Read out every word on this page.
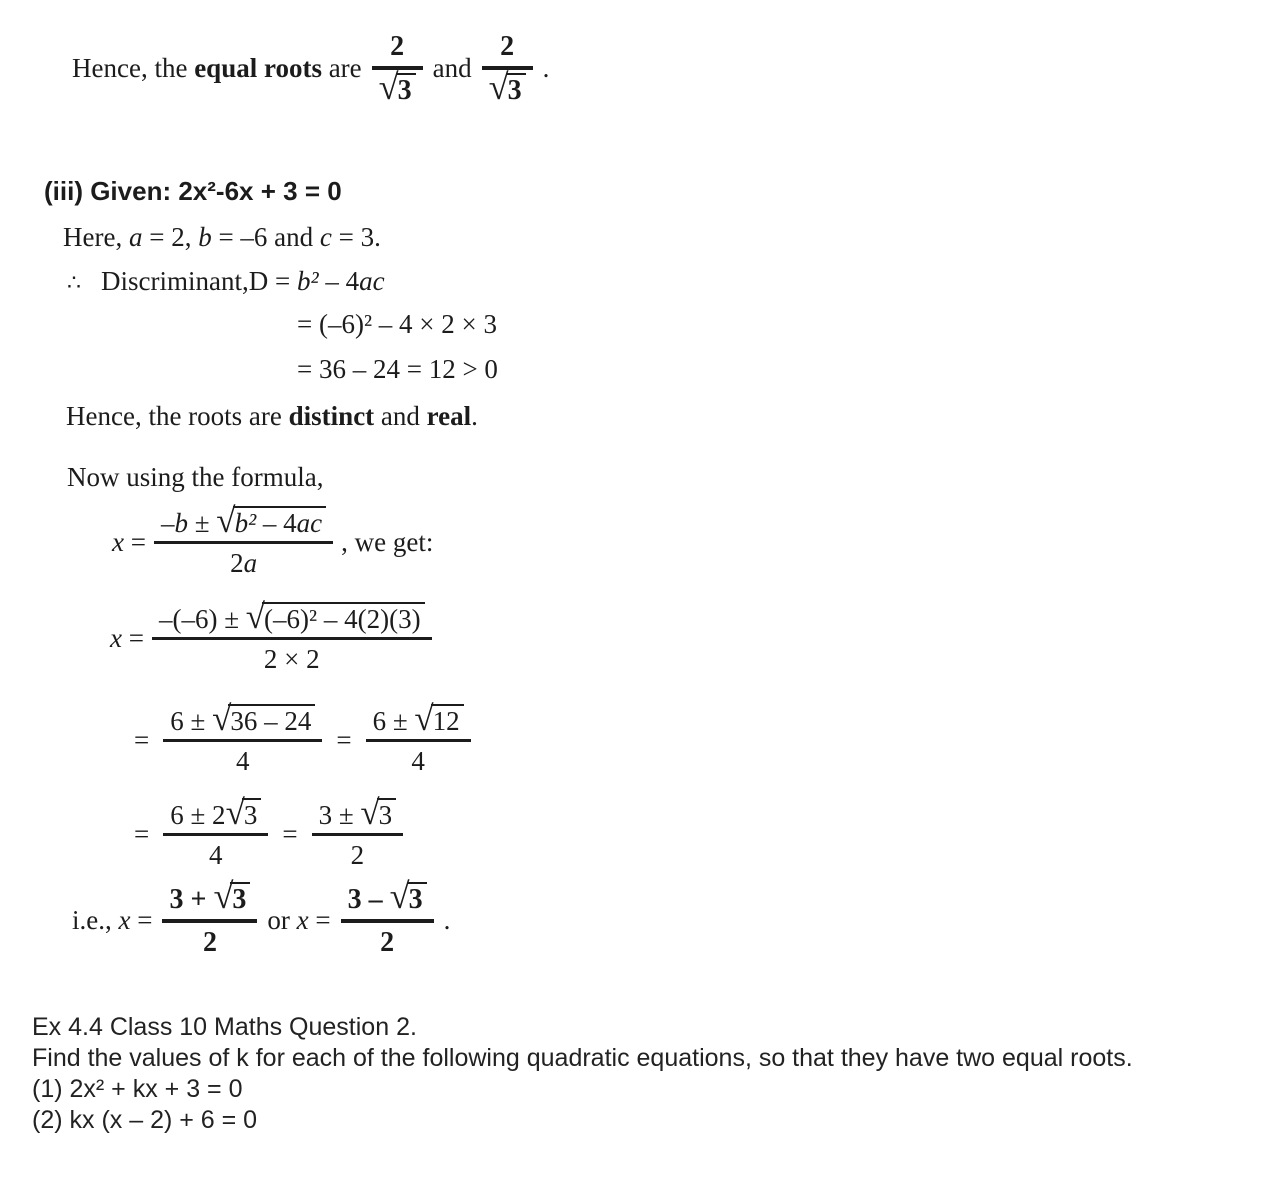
Hence, the equal roots are $\frac{2}{√3}$ and $\frac{2}{√3}$ .
(iii) Given: 2x²-6x + 3 = 0
Here, a = 2, b = –6 and c = 3.
∴ Discriminant,D = b² – 4ac
= (–6)² – 4 × 2 × 3
= 36 – 24 = 12 > 0
Hence, the roots are distinct and real.
Now using the formula,
$x = \frac{\text{–b ± √b² – 4ac}}{2a}$ , we get:
$x = \frac{\text{–(–6) ± √(–6)² – 4(2)(3)}}{2 \times 2}$
= $\frac{6 \pm √36 - 24}{4} = \frac{6 \pm √12}{4}$
= $\frac{6 \pm 2√3}{4} = \frac{3 \pm √3}{2}$
i.e., $x = \frac{3 + √3}{2}$ or $x = \frac{3 - √3}{2}$ .
Ex 4.4 Class 10 Maths Question 2.
Find the values of k for each of the following quadratic equations, so that they have two equal roots.
(1) 2x² + kx + 3 = 0
(2) kx (x – 2) + 6 = 0
